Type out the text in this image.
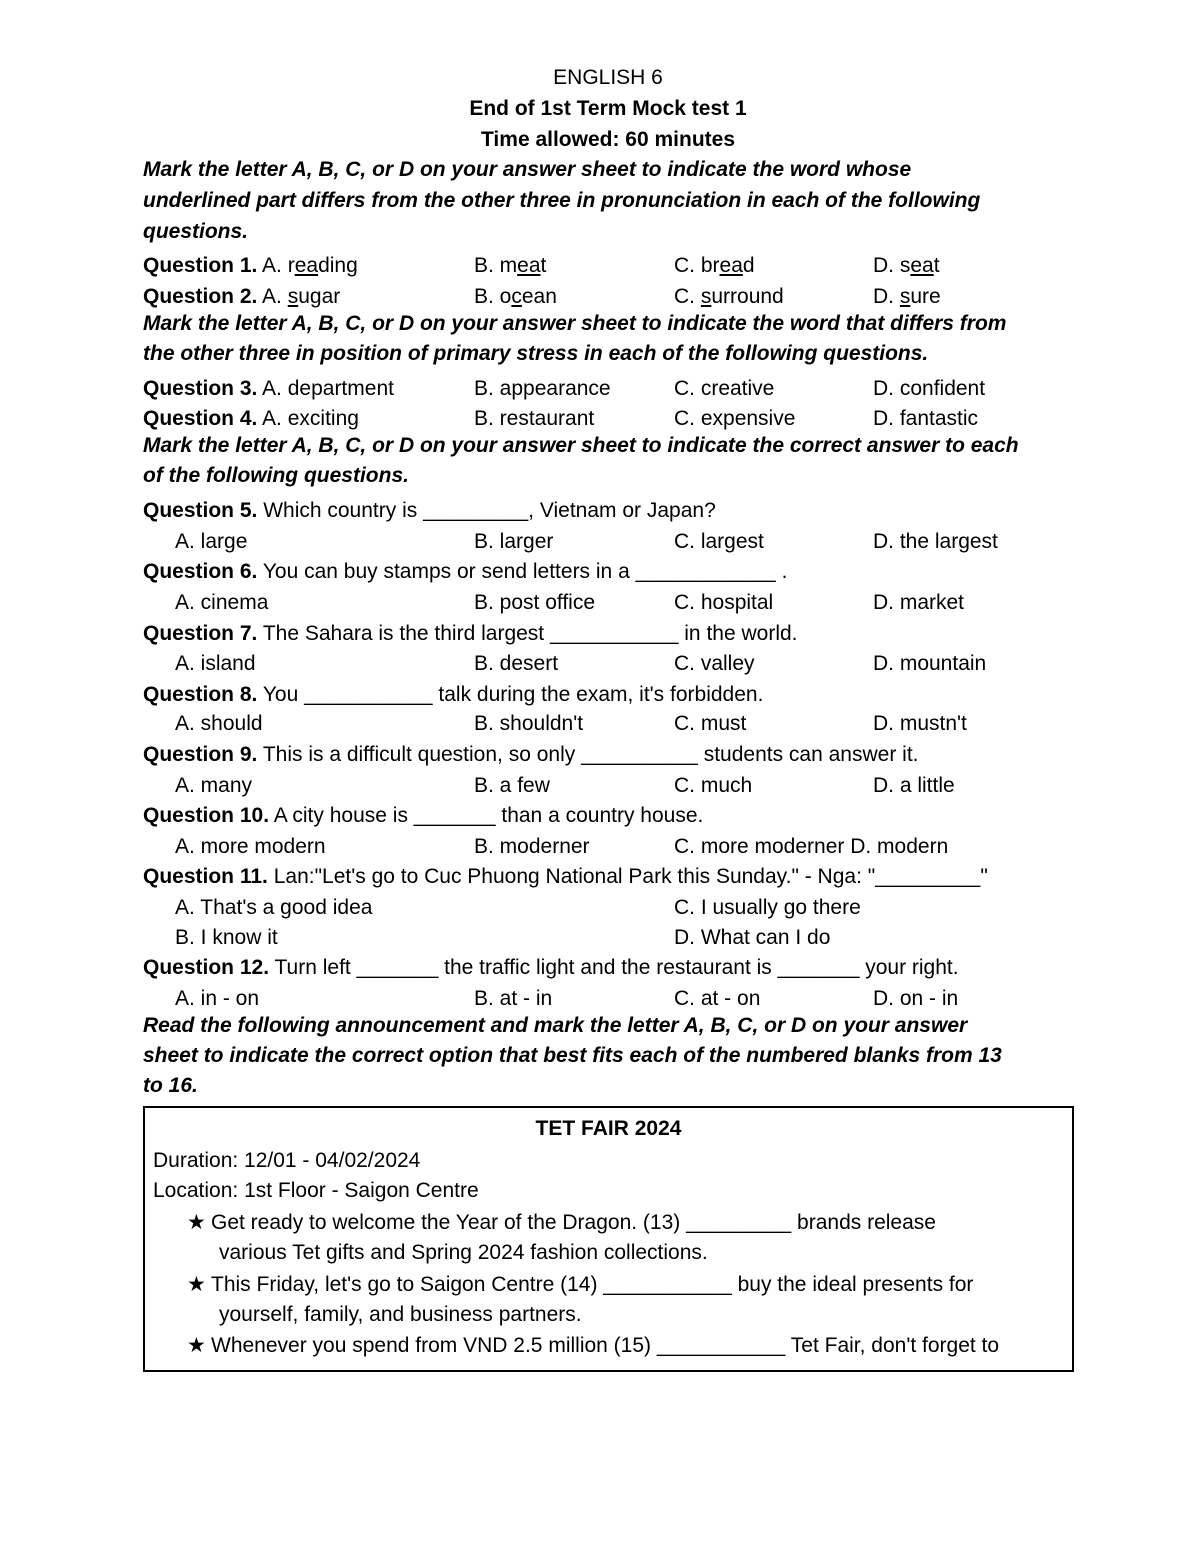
ENGLISH 6
End of 1st Term Mock test 1
Time allowed: 60 minutes
Mark the letter A, B, C, or D on your answer sheet to indicate the word whose
underlined part differs from the other three in pronunciation in each of the following
questions.
Question 1. A. reading	B. meat	C. bread	D. seat
Question 2. A. sugar	B. ocean	C. surround	D. sure
Mark the letter A, B, C, or D on your answer sheet to indicate the word that differs from
the other three in position of primary stress in each of the following questions.
Question 3. A. department	B. appearance	C. creative	D. confident
Question 4. A. exciting	B. restaurant	C. expensive	D. fantastic
Mark the letter A, B, C, or D on your answer sheet to indicate the correct answer to each
of the following questions.
Question 5. Which country is _________, Vietnam or Japan?
A. large	B. larger	C. largest	D. the largest
Question 6. You can buy stamps or send letters in a ____________ .
A. cinema	B. post office	C. hospital	D. market
Question 7. The Sahara is the third largest ___________ in the world.
A. island	B. desert	C. valley	D. mountain
Question 8. You ___________ talk during the exam, it's forbidden.
A. should	B. shouldn't	C. must	D. mustn't
Question 9. This is a difficult question, so only __________ students can answer it.
A. many	B. a few	C. much	D. a little
Question 10. A city house is _______ than a country house.
A. more modern	B. moderner	C. more moderner D. modern
Question 11. Lan:"Let's go to Cuc Phuong National Park this Sunday." - Nga: "_________"
A. That's a good idea	C. I usually go there
B. I know it	D. What can I do
Question 12. Turn left _______ the traffic light and the restaurant is _______ your right.
A. in - on	B. at - in	C. at - on	D. on - in
Read the following announcement and mark the letter A, B, C, or D on your answer
sheet to indicate the correct option that best fits each of the numbered blanks from 13
to 16.
TET FAIR 2024
Duration: 12/01 - 04/02/2024
Location: 1st Floor - Saigon Centre
★ Get ready to welcome the Year of the Dragon. (13) _________ brands release
various Tet gifts and Spring 2024 fashion collections.
★ This Friday, let's go to Saigon Centre (14) ___________ buy the ideal presents for
yourself, family, and business partners.
★ Whenever you spend from VND 2.5 million (15) ___________ Tet Fair, don't forget to
